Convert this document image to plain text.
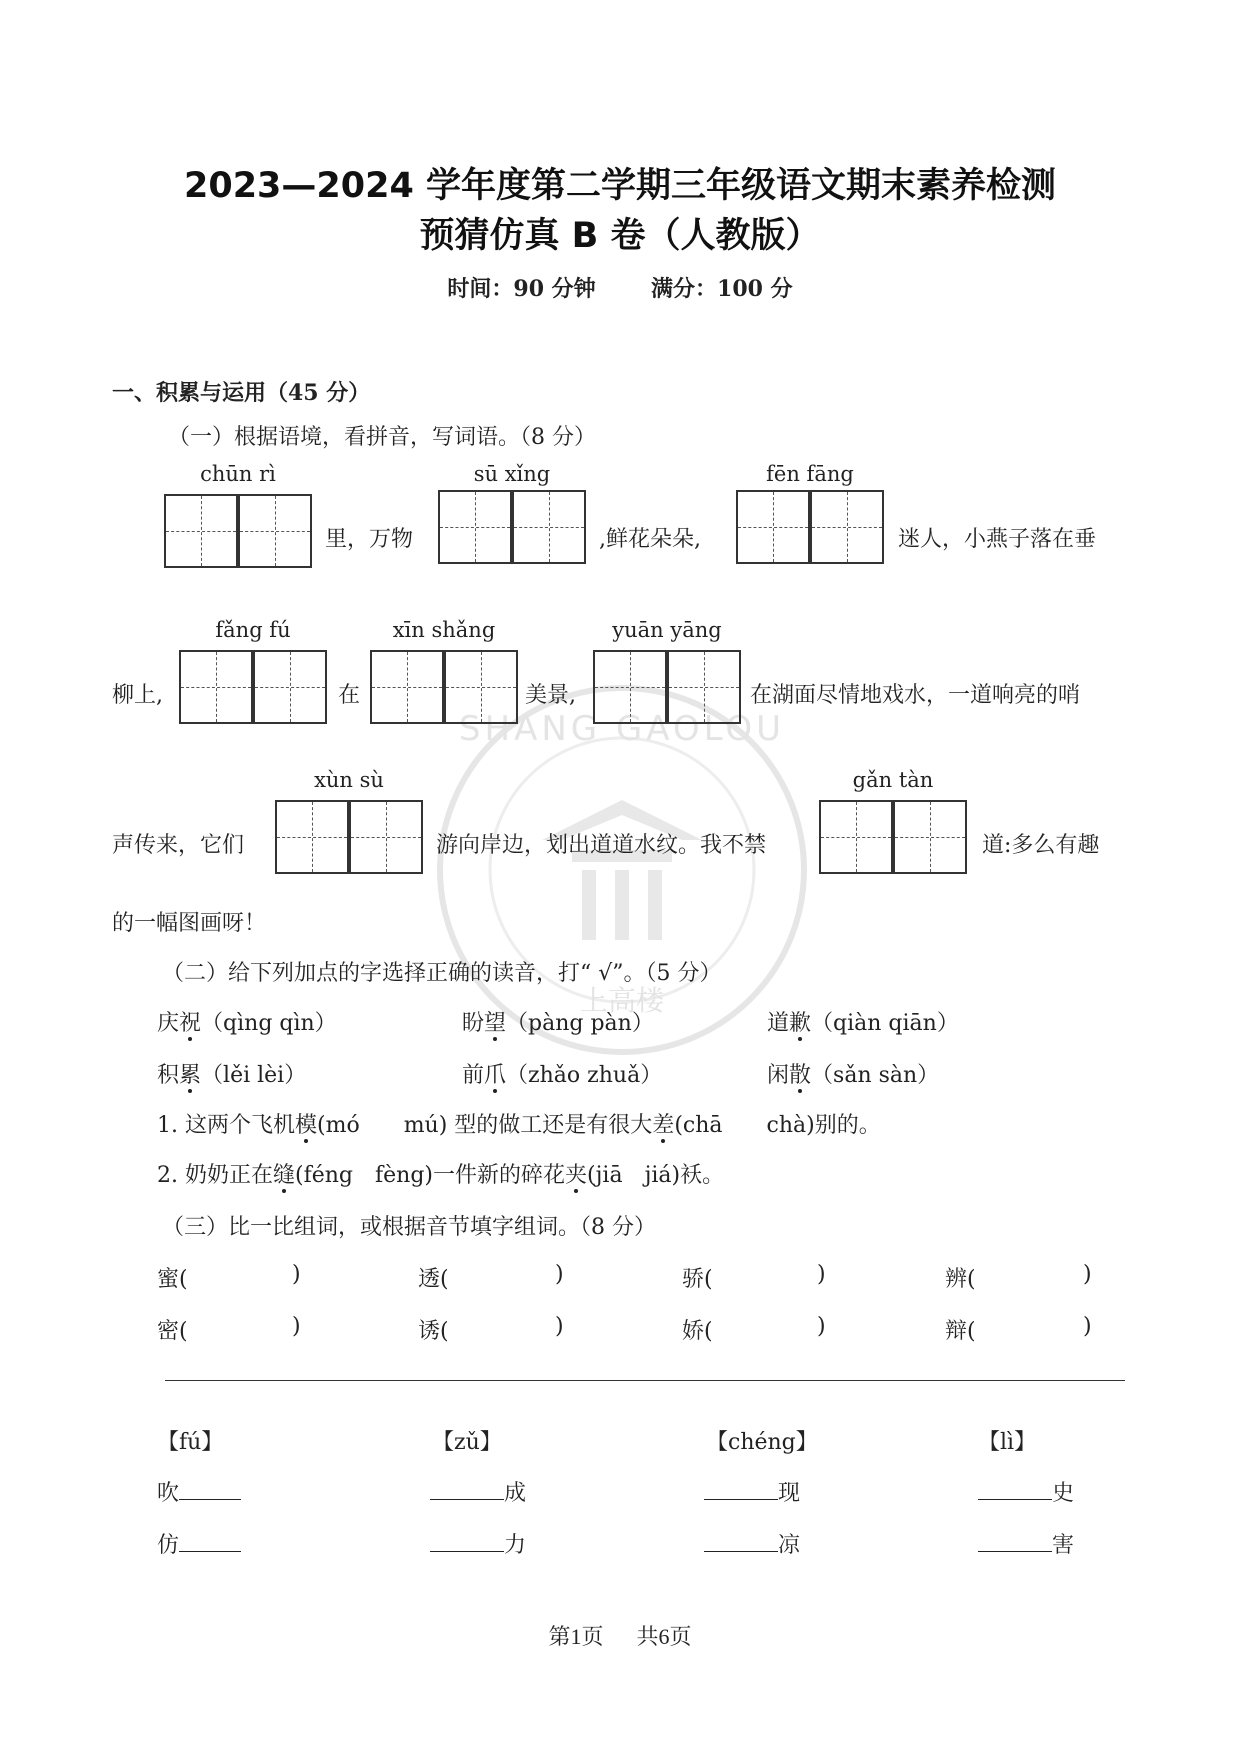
上高楼
SHANG GAOLOU
2023—2024 学年度第二学期三年级语文期末素养检测
预猜仿真 B 卷（人教版）
时间：90 分钟	满分：100 分
一、积累与运用（45 分）
（一）根据语境，看拼音，写词语。（8 分）
chūn rì
里，万物
sū xǐng
,鲜花朵朵,
fēn fāng
迷人，小燕子落在垂
柳上,
fǎng fú
在
xīn shǎng
美景,
yuān yāng
在湖面尽情地戏水，一道响亮的哨
声传来，它们
xùn sù
游向岸边，划出道道水纹。我不禁
gǎn tàn
道:多么有趣
的一幅图画呀！
（二）给下列加点的字选择正确的读音，打“ √”。（5 分）
庆祝（qìng qìn）	盼望（pàng pàn）	道歉（qiàn qiān）
积累（lěi lèi）	前爪（zhǎo zhuǎ）	闲散（sǎn sàn）
1. 这两个飞机模(mó　　mú) 型的做工还是有很大差(chā　　chà)别的。
2. 奶奶正在缝(féng　fèng)一件新的碎花夹(jiā　jiá)袄。
（三）比一比组词，或根据音节填字组词。（8 分）
蜜(	)	透(	)	骄(	)	辨(	)
密(	)	诱(	)	娇(	)	辩(	)
【fú】	【zǔ】	【chéng】	【lì】
吹	成	现	史
仿	力	凉	害
第1页 共6页
